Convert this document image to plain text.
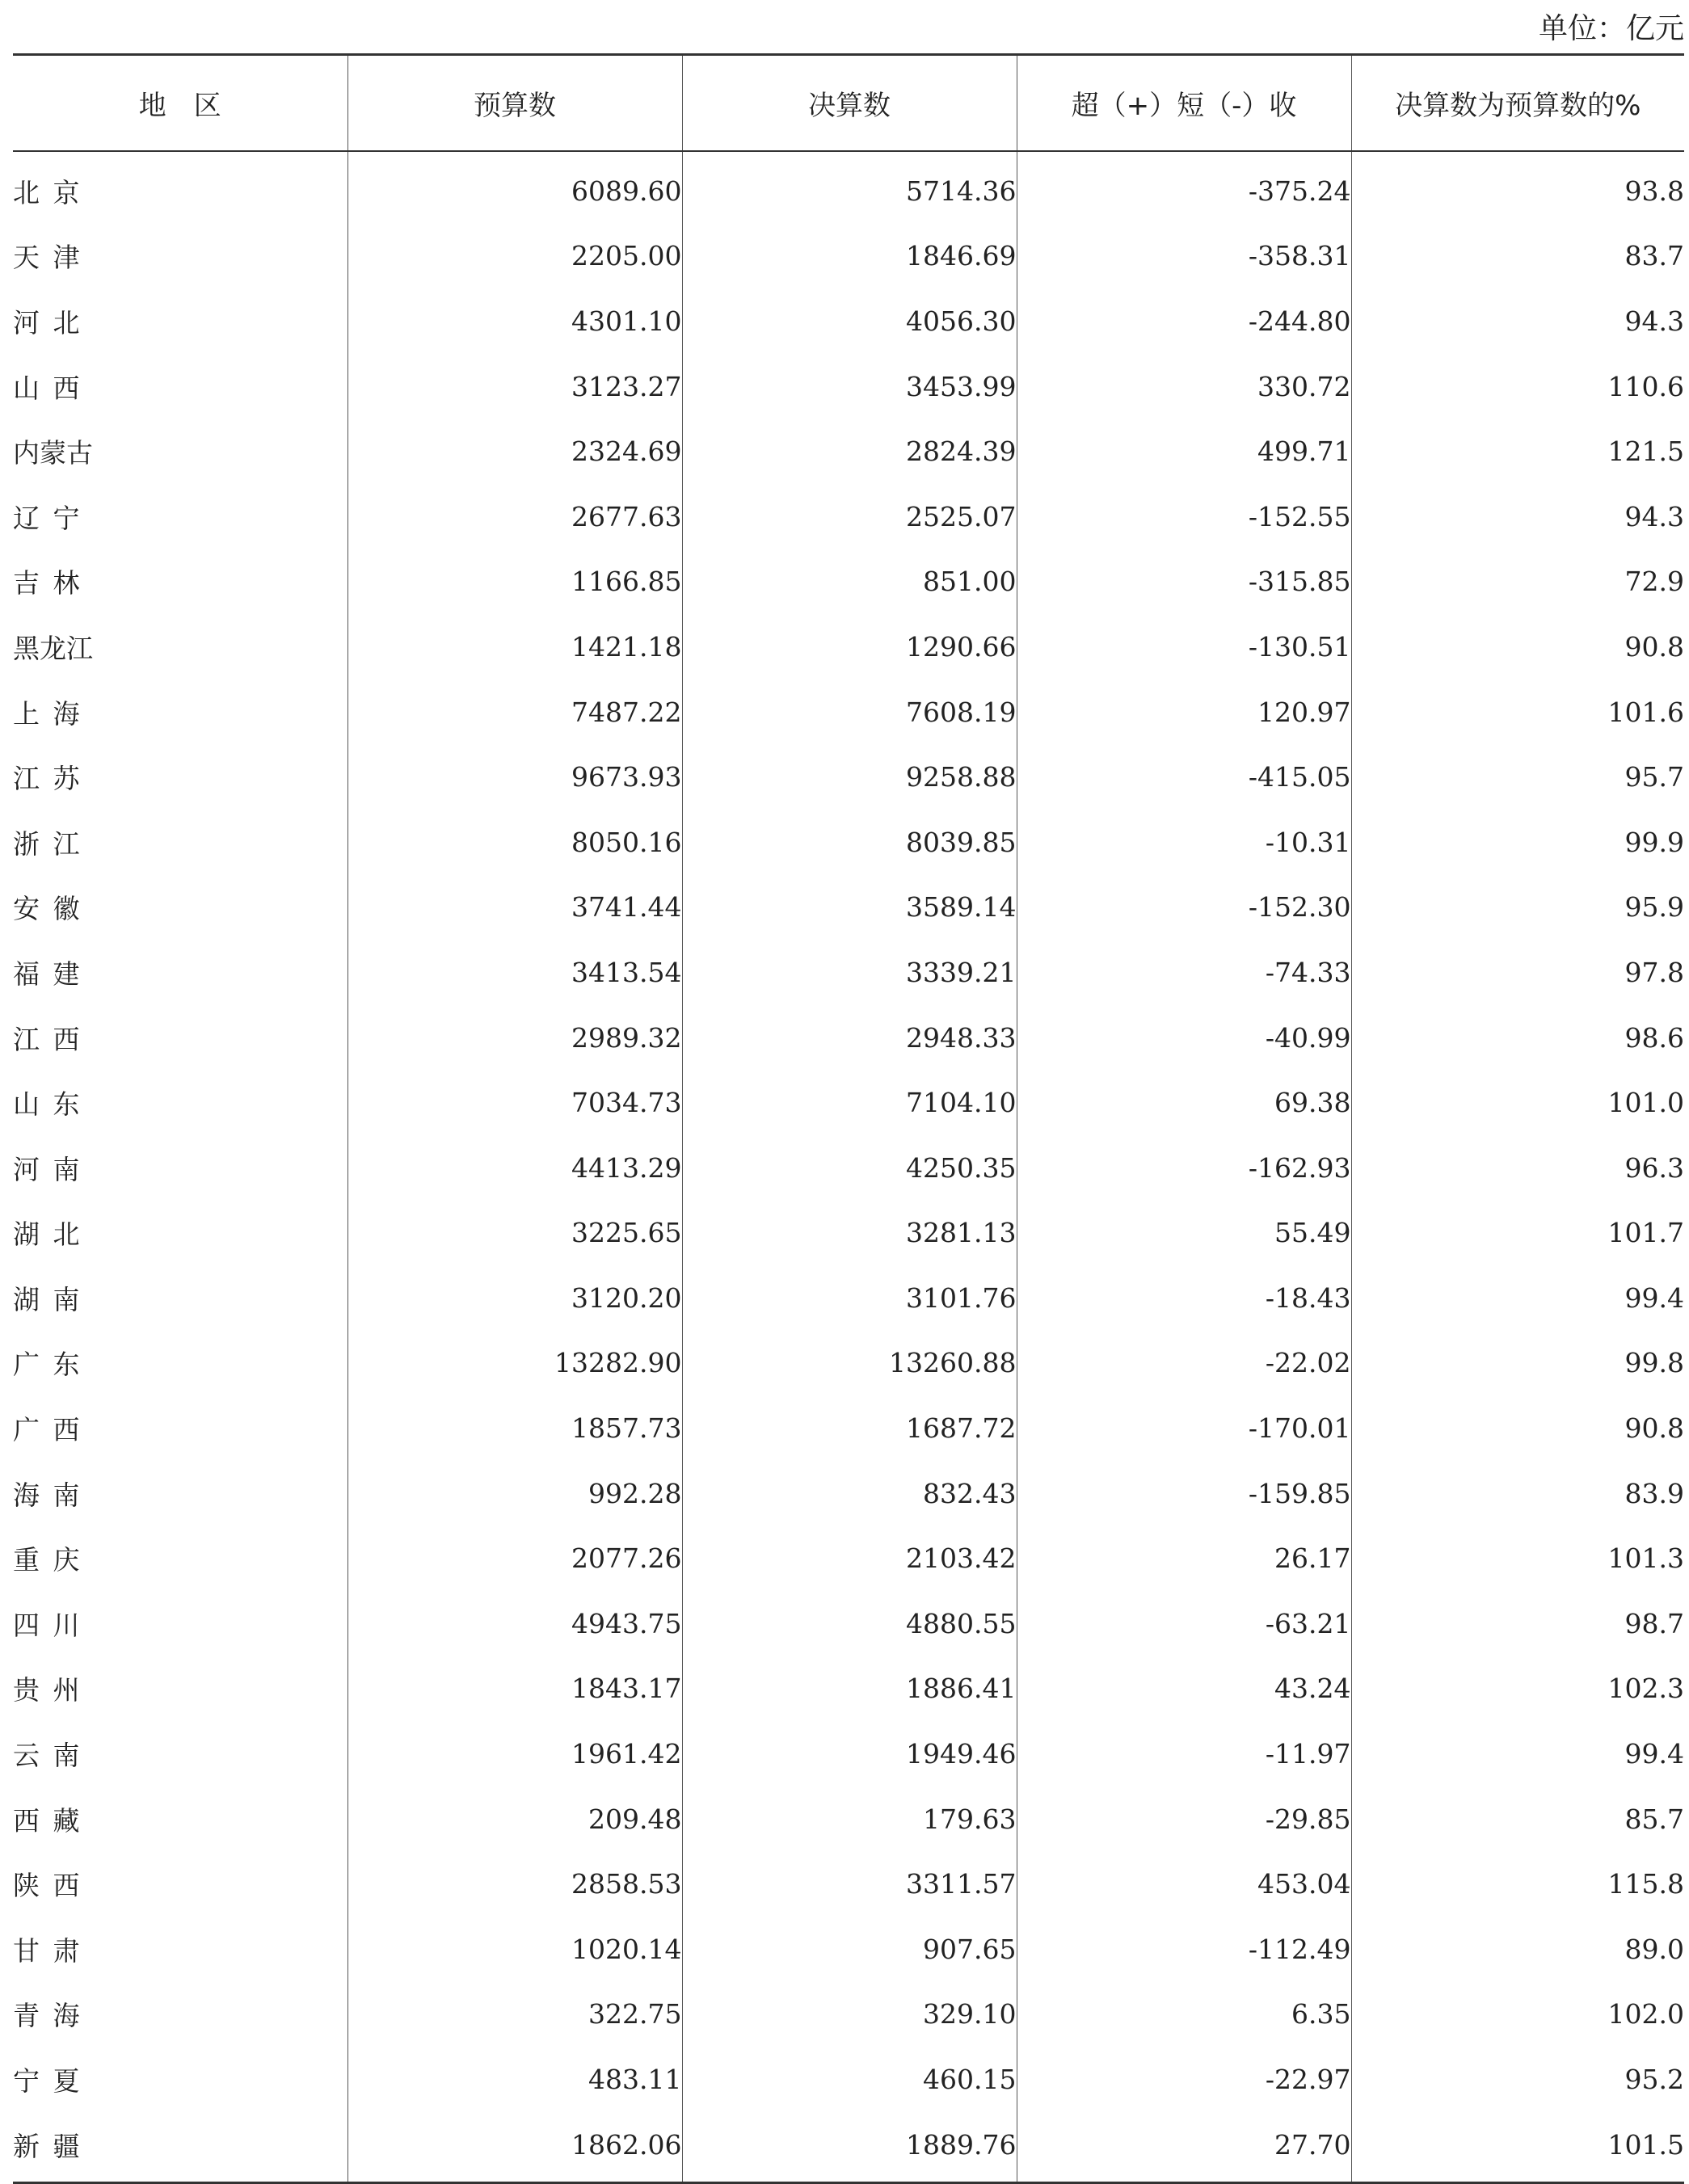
单位：亿元
地　区	预算数	决算数	超（+）短（-）收	决算数为预算数的%
北京	6089.60	5714.36	-375.24	93.8
天津	2205.00	1846.69	-358.31	83.7
河北	4301.10	4056.30	-244.80	94.3
山西	3123.27	3453.99	330.72	110.6
内蒙古	2324.69	2824.39	499.71	121.5
辽宁	2677.63	2525.07	-152.55	94.3
吉林	1166.85	851.00	-315.85	72.9
黑龙江	1421.18	1290.66	-130.51	90.8
上海	7487.22	7608.19	120.97	101.6
江苏	9673.93	9258.88	-415.05	95.7
浙江	8050.16	8039.85	-10.31	99.9
安徽	3741.44	3589.14	-152.30	95.9
福建	3413.54	3339.21	-74.33	97.8
江西	2989.32	2948.33	-40.99	98.6
山东	7034.73	7104.10	69.38	101.0
河南	4413.29	4250.35	-162.93	96.3
湖北	3225.65	3281.13	55.49	101.7
湖南	3120.20	3101.76	-18.43	99.4
广东	13282.90	13260.88	-22.02	99.8
广西	1857.73	1687.72	-170.01	90.8
海南	992.28	832.43	-159.85	83.9
重庆	2077.26	2103.42	26.17	101.3
四川	4943.75	4880.55	-63.21	98.7
贵州	1843.17	1886.41	43.24	102.3
云南	1961.42	1949.46	-11.97	99.4
西藏	209.48	179.63	-29.85	85.7
陕西	2858.53	3311.57	453.04	115.8
甘肃	1020.14	907.65	-112.49	89.0
青海	322.75	329.10	6.35	102.0
宁夏	483.11	460.15	-22.97	95.2
新疆	1862.06	1889.76	27.70	101.5
